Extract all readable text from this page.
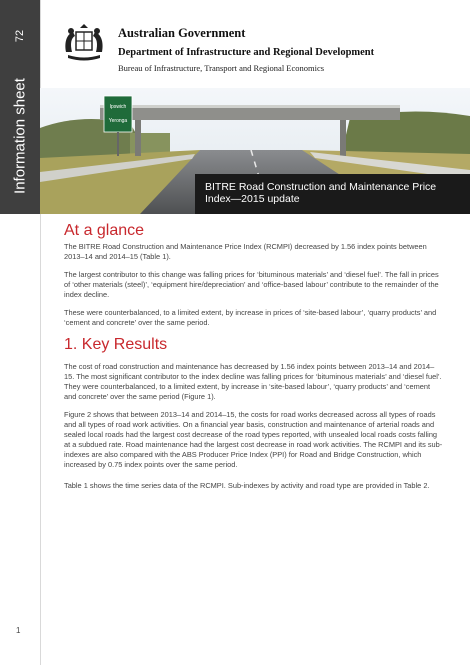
72
Information sheet
1
Australian Government
Department of Infrastructure and Regional Development
Bureau of Infrastructure, Transport and Regional Economics
Ipswich
Yeronga
BITRE Road Construction and Maintenance Price
Index—2015 update
At a glance

The BITRE Road Construction and Maintenance Price Index (RCMPI) decreased by 1.56 index points between 2013–14 and 2014–15 (Table 1).

The largest contributor to this change was falling prices for ‘bituminous materials’ and ‘diesel fuel’. The fall in prices of ‘other materials (steel)’, ‘equipment hire/depreciation’ and ‘office-based labour’ contribute to the remainder of the index decline.

These were counterbalanced, to a limited extent, by increase in prices of ‘site-based labour’, ‘quarry products’ and ‘cement and concrete’ over the same period.

1. Key Results

The cost of road construction and maintenance has decreased by 1.56 index points between 2013–14 and 2014–15. The most significant contributor to the index decline was falling prices for ‘bituminous materials’ and ‘diesel fuel’. They were counterbalanced, to a limited extent, by increase in ‘site-based labour’, ‘quarry products’ and ‘cement and concrete’ over the same period (Figure 1).

Figure 2 shows that between 2013–14 and 2014–15, the costs for road works decreased across all types of roads and all types of road work activities. On a financial year basis, construction and maintenance of arterial roads and sealed local roads had the largest cost decrease of the road types reported, with unsealed local roads costs falling at a subdued rate. Road maintenance had the largest cost decrease in road work activities. The RCMPI and its sub-indexes are also compared with the ABS Producer Price Index (PPI) for Road and Bridge Construction, which increased by 0.75 index points over the same period.

Table 1 shows the time series data of the RCMPI. Sub-indexes by activity and road type are provided in Table 2.
